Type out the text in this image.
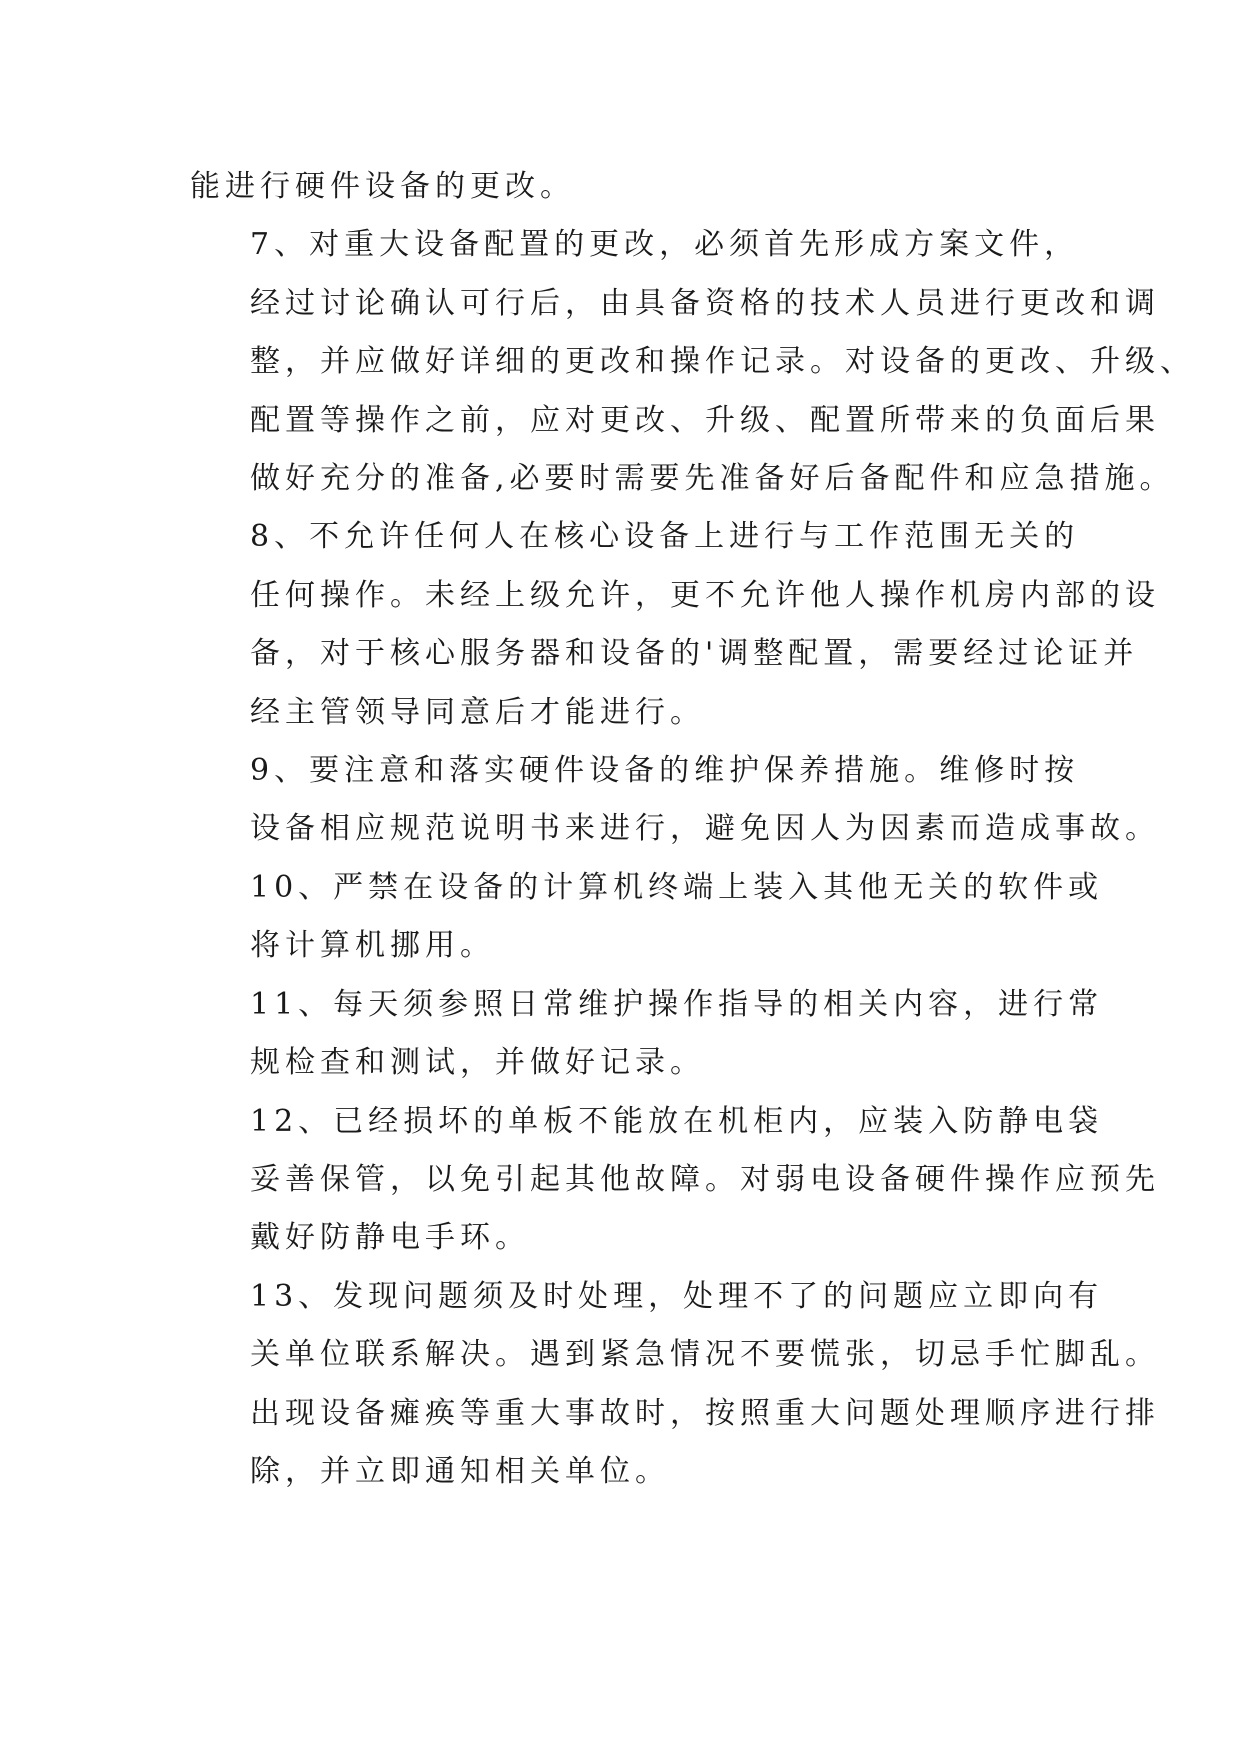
能进行硬件设备的更改。

7、对重大设备配置的更改，必须首先形成方案文件，
经过讨论确认可行后，由具备资格的技术人员进行更改和调
整，并应做好详细的更改和操作记录。对设备的更改、升级、
配置等操作之前，应对更改、升级、配置所带来的负面后果
做好充分的准备,必要时需要先准备好后备配件和应急措施。

8、不允许任何人在核心设备上进行与工作范围无关的
任何操作。未经上级允许，更不允许他人操作机房内部的设
备，对于核心服务器和设备的'调整配置，需要经过论证并
经主管领导同意后才能进行。

9、要注意和落实硬件设备的维护保养措施。维修时按
设备相应规范说明书来进行，避免因人为因素而造成事故。

10、严禁在设备的计算机终端上装入其他无关的软件或
将计算机挪用。

11、每天须参照日常维护操作指导的相关内容，进行常
规检查和测试，并做好记录。

12、已经损坏的单板不能放在机柜内，应装入防静电袋
妥善保管，以免引起其他故障。对弱电设备硬件操作应预先
戴好防静电手环。

13、发现问题须及时处理，处理不了的问题应立即向有
关单位联系解决。遇到紧急情况不要慌张，切忌手忙脚乱。
出现设备瘫痪等重大事故时，按照重大问题处理顺序进行排
除，并立即通知相关单位。
